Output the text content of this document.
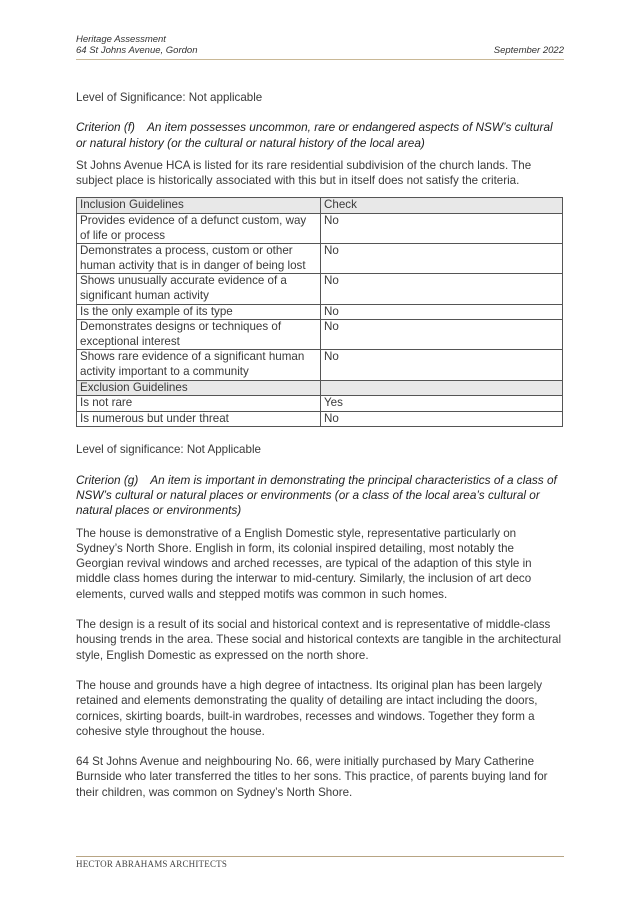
Heritage Assessment
64 St Johns Avenue, Gordon	September 2022

Level of Significance: Not applicable

Criterion (f) An item possesses uncommon, rare or endangered aspects of NSW’s cultural or natural history (or the cultural or natural history of the local area)

St Johns Avenue HCA is listed for its rare residential subdivision of the church lands. The subject place is historically associated with this but in itself does not satisfy the criteria.

Inclusion Guidelines	Check
Provides evidence of a defunct custom, way of life or process	No
Demonstrates a process, custom or other human activity that is in danger of being lost	No
Shows unusually accurate evidence of a significant human activity	No
Is the only example of its type	No
Demonstrates designs or techniques of exceptional interest	No
Shows rare evidence of a significant human activity important to a community	No
Exclusion Guidelines	
Is not rare	Yes
Is numerous but under threat	No

Level of significance: Not Applicable

Criterion (g) An item is important in demonstrating the principal characteristics of a class of NSW’s cultural or natural places or environments (or a class of the local area’s cultural or natural places or environments)

The house is demonstrative of a English Domestic style, representative particularly on Sydney’s North Shore. English in form, its colonial inspired detailing, most notably the Georgian revival windows and arched recesses, are typical of the adaption of this style in middle class homes during the interwar to mid-century. Similarly, the inclusion of art deco elements, curved walls and stepped motifs was common in such homes.

The design is a result of its social and historical context and is representative of middle-class housing trends in the area. These social and historical contexts are tangible in the architectural style, English Domestic as expressed on the north shore.

The house and grounds have a high degree of intactness. Its original plan has been largely retained and elements demonstrating the quality of detailing are intact including the doors, cornices, skirting boards, built-in wardrobes, recesses and windows. Together they form a cohesive style throughout the house.

64 St Johns Avenue and neighbouring No. 66, were initially purchased by Mary Catherine Burnside who later transferred the titles to her sons. This practice, of parents buying land for their children, was common on Sydney’s North Shore.

HECTOR ABRAHAMS ARCHITECTS
